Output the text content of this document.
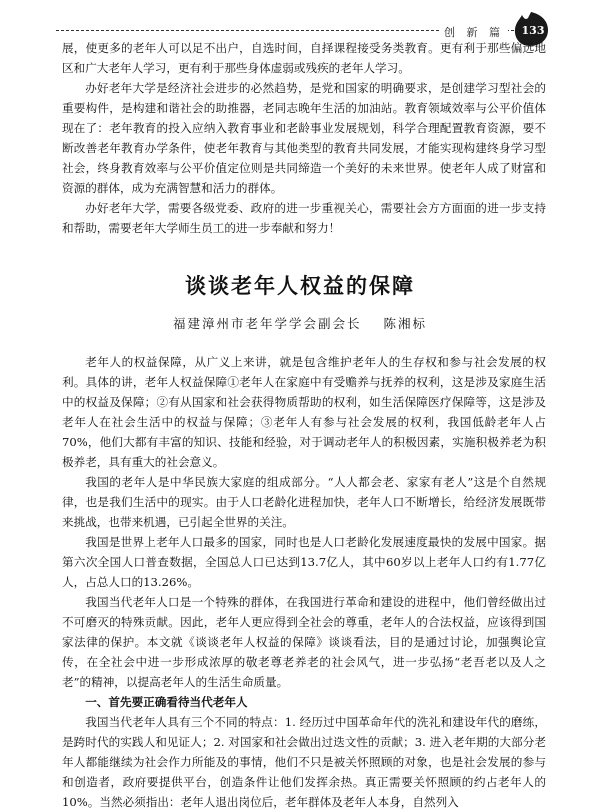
创 新 篇	133

展，使更多的老年人可以足不出户，自选时间，自择课程接受务类教育。更有利于那些偏远地区和广大老年人学习，更有利于那些身体虚弱或残疾的老年人学习。

办好老年大学是经济社会进步的必然趋势，是党和国家的明确要求，是创建学习型社会的重要构件，是构建和谐社会的助推器，老同志晚年生活的加油站。教育领域效率与公平价值体现在了：老年教育的投入应纳入教育事业和老龄事业发展规划，科学合理配置教育资源，要不断改善老年教育办学条件，使老年教育与其他类型的教育共同发展，才能实现构建终身学习型社会，终身教育效率与公平价值定位则是共同缔造一个美好的未来世界。使老年人成了财富和资源的群体，成为充满智慧和活力的群体。

办好老年大学，需要各级党委、政府的进一步重视关心，需要社会方方面面的进一步支持和帮助，需要老年大学师生员工的进一步奉献和努力！

谈谈老年人权益的保障
福建漳州市老年学学会副会长 陈湘标

老年人的权益保障，从广义上来讲，就是包含维护老年人的生存权和参与社会发展的权利。具体的讲，老年人权益保障①老年人在家庭中有受赡养与抚养的权利，这是涉及家庭生活中的权益及保障；②有从国家和社会获得物质帮助的权利，如生活保障医疗保障等，这是涉及老年人在社会生活中的权益与保障；③老年人有参与社会发展的权利，我国低龄老年人占70%，他们大都有丰富的知识、技能和经验，对于调动老年人的积极因素，实施积极养老为积极养老，具有重大的社会意义。

我国的老年人是中华民族大家庭的组成部分。“人人都会老、家家有老人”这是个自然规律，也是我们生活中的现实。由于人口老龄化进程加快，老年人口不断增长，给经济发展既带来挑战，也带来机遇，已引起全世界的关注。

我国是世界上老年人口最多的国家，同时也是人口老龄化发展速度最快的发展中国家。据第六次全国人口普查数据，全国总人口已达到13.7亿人，其中60岁以上老年人口约有1.77亿人，占总人口的13.26%。

我国当代老年人口是一个特殊的群体，在我国进行革命和建设的进程中，他们曾经做出过不可磨灭的特殊贡献。因此，老年人更应得到全社会的尊重，老年人的合法权益，应该得到国家法律的保护。本文就《谈谈老年人权益的保障》谈谈看法，目的是通过讨论，加强舆论宣传，在全社会中进一步形成浓厚的敬老尊老养老的社会风气，进一步弘扬“老吾老以及人之老”的精神，以提高老年人的生活生命质量。

一、首先要正确看待当代老年人

我国当代老年人具有三个不同的特点：1. 经历过中国革命年代的洗礼和建设年代的磨练，是跨时代的实践人和见证人；2. 对国家和社会做出过迭文性的贡献；3. 进入老年期的大部分老年人都能继续为社会作力所能及的事情，他们不只是被关怀照顾的对象，也是社会发展的参与和创造者，政府要提供平台，创造条件让他们发挥余热。真正需要关怀照顾的约占老年人的10%。当然必须指出：老年人退出岗位后，老年群体及老年人本身，自然列入
